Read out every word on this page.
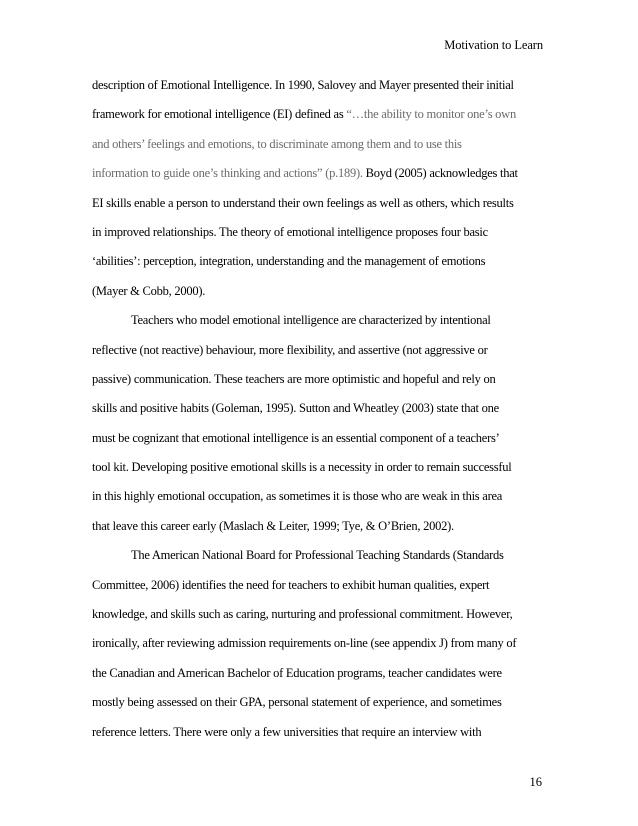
Motivation to Learn
description of Emotional Intelligence. In 1990, Salovey and Mayer presented their initial
framework for emotional intelligence (EI) defined as “…the ability to monitor one’s own
and others’ feelings and emotions, to discriminate among them and to use this
information to guide one’s thinking and actions” (p.189). Boyd (2005) acknowledges that
EI skills enable a person to understand their own feelings as well as others, which results
in improved relationships. The theory of emotional intelligence proposes four basic
‘abilities’: perception, integration, understanding and the management of emotions
(Mayer & Cobb, 2000).
Teachers who model emotional intelligence are characterized by intentional
reflective (not reactive) behaviour, more flexibility, and assertive (not aggressive or
passive) communication. These teachers are more optimistic and hopeful and rely on
skills and positive habits (Goleman, 1995). Sutton and Wheatley (2003) state that one
must be cognizant that emotional intelligence is an essential component of a teachers’
tool kit. Developing positive emotional skills is a necessity in order to remain successful
in this highly emotional occupation, as sometimes it is those who are weak in this area
that leave this career early (Maslach & Leiter, 1999; Tye, & O’Brien, 2002).
The American National Board for Professional Teaching Standards (Standards
Committee, 2006) identifies the need for teachers to exhibit human qualities, expert
knowledge, and skills such as caring, nurturing and professional commitment. However,
ironically, after reviewing admission requirements on-line (see appendix J) from many of
the Canadian and American Bachelor of Education programs, teacher candidates were
mostly being assessed on their GPA, personal statement of experience, and sometimes
reference letters. There were only a few universities that require an interview with
16
